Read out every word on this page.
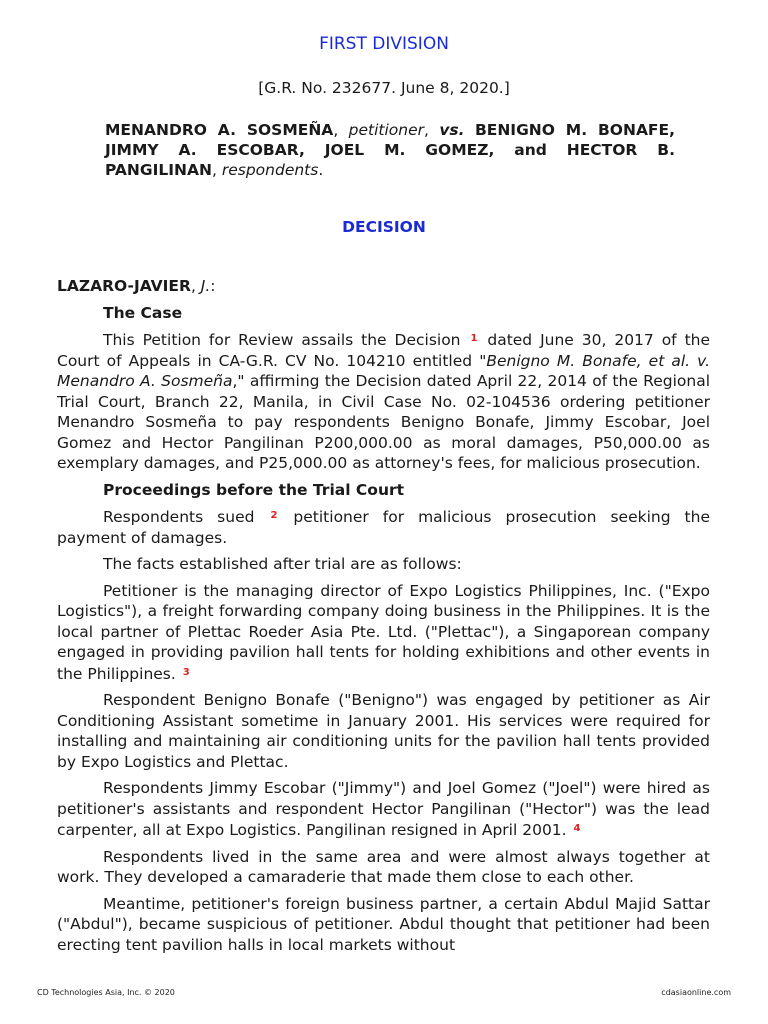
FIRST DIVISION
[G.R. No. 232677. June 8, 2020.]
MENANDRO A. SOSMEÑA, petitioner, vs. BENIGNO M. BONAFE, JIMMY A. ESCOBAR, JOEL M. GOMEZ, and HECTOR B. PANGILINAN, respondents.
DECISION

LAZARO-JAVIER, J.:

The Case

This Petition for Review assails the Decision $^1$ dated June 30, 2017 of the Court of Appeals in CA-G.R. CV No. 104210 entitled "Benigno M. Bonafe, et al. v. Menandro A. Sosmeña," affirming the Decision dated April 22, 2014 of the Regional Trial Court, Branch 22, Manila, in Civil Case No. 02-104536 ordering petitioner Menandro Sosmeña to pay respondents Benigno Bonafe, Jimmy Escobar, Joel Gomez and Hector Pangilinan P200,000.00 as moral damages, P50,000.00 as exemplary damages, and P25,000.00 as attorney's fees, for malicious prosecution.

Proceedings before the Trial Court

Respondents sued $^2$ petitioner for malicious prosecution seeking the payment of damages.

The facts established after trial are as follows:

Petitioner is the managing director of Expo Logistics Philippines, Inc. ("Expo Logistics"), a freight forwarding company doing business in the Philippines. It is the local partner of Plettac Roeder Asia Pte. Ltd. ("Plettac"), a Singaporean company engaged in providing pavilion hall tents for holding exhibitions and other events in the Philippines. $^3$

Respondent Benigno Bonafe ("Benigno") was engaged by petitioner as Air Conditioning Assistant sometime in January 2001. His services were required for installing and maintaining air conditioning units for the pavilion hall tents provided by Expo Logistics and Plettac.

Respondents Jimmy Escobar ("Jimmy") and Joel Gomez ("Joel") were hired as petitioner's assistants and respondent Hector Pangilinan ("Hector") was the lead carpenter, all at Expo Logistics. Pangilinan resigned in April 2001. $^4$

Respondents lived in the same area and were almost always together at work. They developed a camaraderie that made them close to each other.

Meantime, petitioner's foreign business partner, a certain Abdul Majid Sattar ("Abdul"), became suspicious of petitioner. Abdul thought that petitioner had been erecting tent pavilion halls in local markets without

CD Technologies Asia, Inc. © 2020	cdasiaonline.com
